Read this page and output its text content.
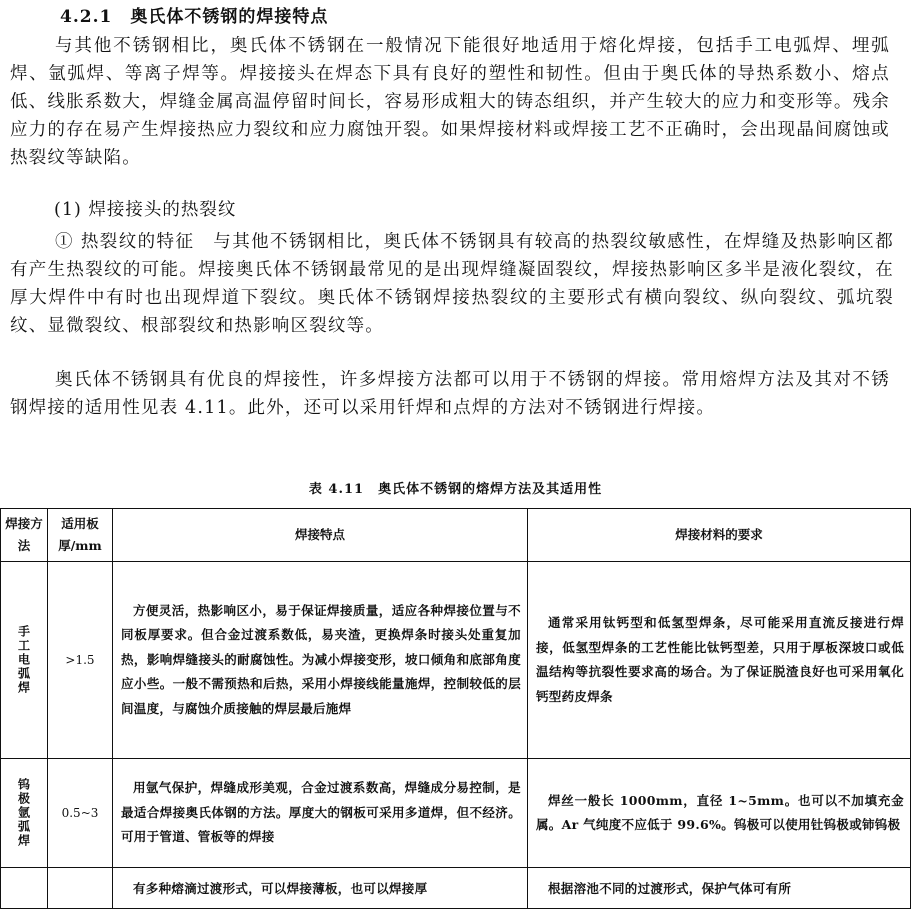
4.2.1 奥氏体不锈钢的焊接特点
与其他不锈钢相比，奥氏体不锈钢在一般情况下能很好地适用于熔化焊接，包括手工电弧焊、埋弧焊、氩弧焊、等离子焊等。焊接接头在焊态下具有良好的塑性和韧性。但由于奥氏体的导热系数小、熔点低、线胀系数大，焊缝金属高温停留时间长，容易形成粗大的铸态组织，并产生较大的应力和变形等。残余应力的存在易产生焊接热应力裂纹和应力腐蚀开裂。如果焊接材料或焊接工艺不正确时，会出现晶间腐蚀或热裂纹等缺陷。
(1) 焊接接头的热裂纹
① 热裂纹的特征　与其他不锈钢相比，奥氏体不锈钢具有较高的热裂纹敏感性，在焊缝及热影响区都有产生热裂纹的可能。焊接奥氏体不锈钢最常见的是出现焊缝凝固裂纹，焊接热影响区多半是液化裂纹，在厚大焊件中有时也出现焊道下裂纹。奥氏体不锈钢焊接热裂纹的主要形式有横向裂纹、纵向裂纹、弧坑裂纹、显微裂纹、根部裂纹和热影响区裂纹等。
奥氏体不锈钢具有优良的焊接性，许多焊接方法都可以用于不锈钢的焊接。常用熔焊方法及其对不锈钢焊接的适用性见表 4.11。此外，还可以采用钎焊和点焊的方法对不锈钢进行焊接。
表 4.11　奥氏体不锈钢的熔焊方法及其适用性
焊接方法	适用板厚/mm	焊接特点	焊接材料的要求

手工电弧焊	>1.5	方便灵活，热影响区小，易于保证焊接质量，适应各种焊接位置与不同板厚要求。但合金过渡系数低，易夹渣，更换焊条时接头处重复加热，影响焊缝接头的耐腐蚀性。为减小焊接变形，坡口倾角和底部角度应小些。一般不需预热和后热，采用小焊接线能量施焊，控制较低的层间温度，与腐蚀介质接触的焊层最后施焊	通常采用钛钙型和低氢型焊条，尽可能采用直流反接进行焊接，低氢型焊条的工艺性能比钛钙型差，只用于厚板深坡口或低温结构等抗裂性要求高的场合。为了保证脱渣良好也可采用氧化钙型药皮焊条

钨极氩弧焊	0.5~3	用氩气保护，焊缝成形美观，合金过渡系数高，焊缝成分易控制，是最适合焊接奥氏体钢的方法。厚度大的钢板可采用多道焊，但不经济。可用于管道、管板等的焊接	焊丝一般长 1000mm，直径 1~5mm。也可以不加填充金属。Ar 气纯度不应低于 99.6%。钨极可以使用钍钨极或铈钨极

		有多种熔滴过渡形式，可以焊接薄板，也可以焊接厚	根据溶池不同的过渡形式，保护气体可有所
